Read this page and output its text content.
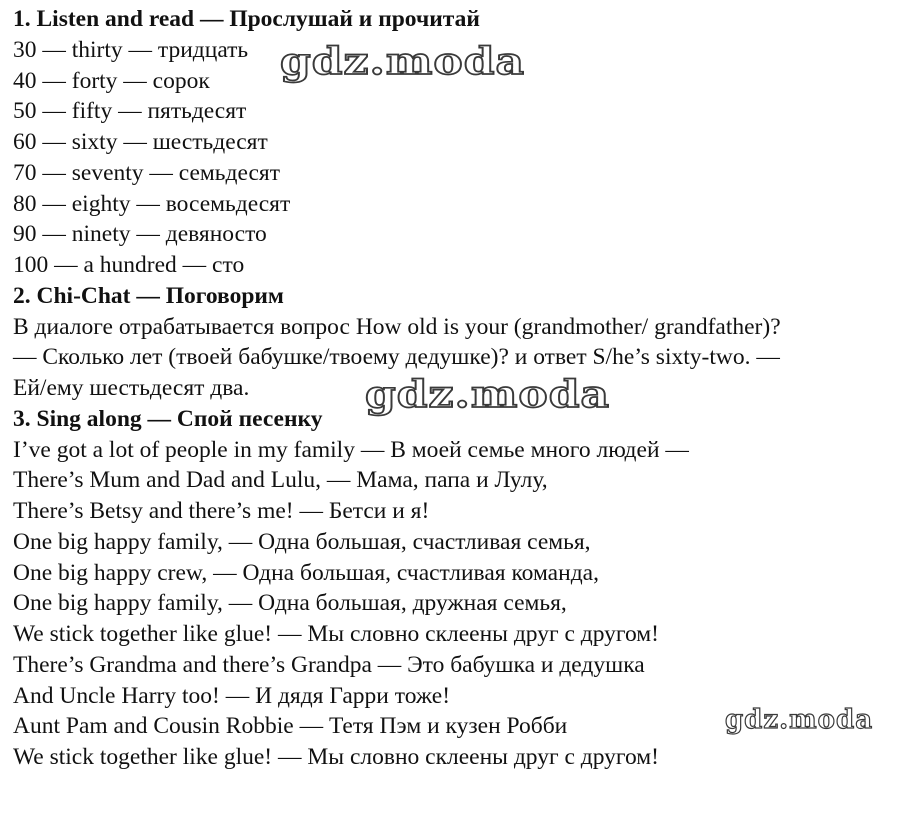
1. Listen and read — Прослушай и прочитай
30 — thirty — тридцать
40 — forty — сорок
50 — fifty — пятьдесят
60 — sixty — шестьдесят
70 — seventy — семьдесят
80 — eighty — восемьдесят
90 — ninety — девяносто
100 — a hundred — сто
2. Chi-Chat — Поговорим
В диалоге отрабатывается вопрос How old is your (grandmother/ grandfather)?
— Сколько лет (твоей бабушке/твоему дедушке)? и ответ S/he’s sixty-two. —
Ей/ему шестьдесят два.
3. Sing along — Спой песенку
I’ve got a lot of people in my family — В моей семье много людей —
There’s Mum and Dad and Lulu, — Мама, папа и Лулу,
There’s Betsy and there’s me! — Бетси и я!
One big happy family, — Одна большая, счастливая семья,
One big happy crew, — Одна большая, счастливая команда,
One big happy family, — Одна большая, дружная семья,
We stick together like glue! — Мы словно склеены друг с другом!
There’s Grandma and there’s Grandpa — Это бабушка и дедушка
And Uncle Harry too! — И дядя Гарри тоже!
Aunt Pam and Cousin Robbie — Тетя Пэм и кузен Робби
We stick together like glue! — Мы словно склеены друг с другом!
gdz.moda
gdz.moda
gdz.moda
